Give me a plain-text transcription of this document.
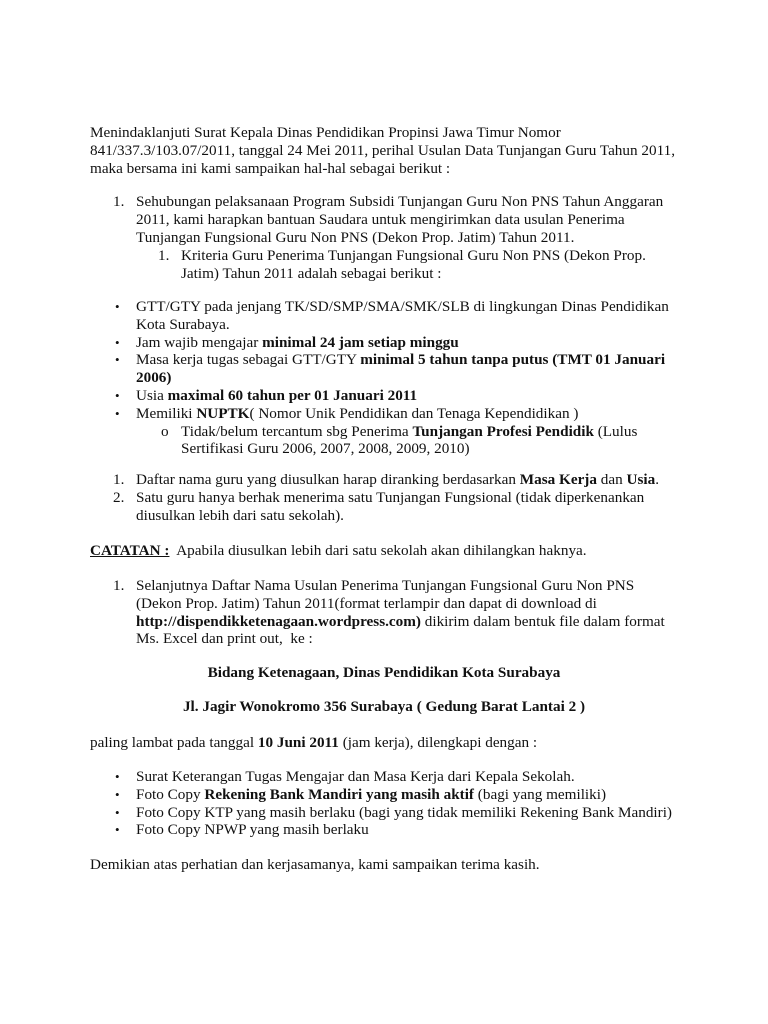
Menindaklanjuti Surat Kepala Dinas Pendidikan Propinsi Jawa Timur Nomor
841/337.3/103.07/2011, tanggal 24 Mei 2011, perihal Usulan Data Tunjangan Guru Tahun 2011,
maka bersama ini kami sampaikan hal-hal sebagai berikut :

1. Sehubungan pelaksanaan Program Subsidi Tunjangan Guru Non PNS Tahun Anggaran
2011, kami harapkan bantuan Saudara untuk mengirimkan data usulan Penerima
Tunjangan Fungsional Guru Non PNS (Dekon Prop. Jatim) Tahun 2011.
1. Kriteria Guru Penerima Tunjangan Fungsional Guru Non PNS (Dekon Prop.
Jatim) Tahun 2011 adalah sebagai berikut :
• GTT/GTY pada jenjang TK/SD/SMP/SMA/SMK/SLB di lingkungan Dinas Pendidikan
Kota Surabaya.
• Jam wajib mengajar minimal 24 jam setiap minggu
• Masa kerja tugas sebagai GTT/GTY minimal 5 tahun tanpa putus (TMT 01 Januari
2006)
• Usia maximal 60 tahun per 01 Januari 2011
• Memiliki NUPTK( Nomor Unik Pendidikan dan Tenaga Kependidikan )
o Tidak/belum tercantum sbg Penerima Tunjangan Profesi Pendidik (Lulus
Sertifikasi Guru 2006, 2007, 2008, 2009, 2010)
1. Daftar nama guru yang diusulkan harap diranking berdasarkan Masa Kerja dan Usia.
2. Satu guru hanya berhak menerima satu Tunjangan Fungsional (tidak diperkenankan
diusulkan lebih dari satu sekolah).

CATATAN :  Apabila diusulkan lebih dari satu sekolah akan dihilangkan haknya.

1. Selanjutnya Daftar Nama Usulan Penerima Tunjangan Fungsional Guru Non PNS
(Dekon Prop. Jatim) Tahun 2011(format terlampir dan dapat di download di
http://dispendikketenagaan.wordpress.com) dikirim dalam bentuk file dalam format
Ms. Excel dan print out,  ke :
Bidang Ketenagaan, Dinas Pendidikan Kota Surabaya
Jl. Jagir Wonokromo 356 Surabaya ( Gedung Barat Lantai 2 )

paling lambat pada tanggal 10 Juni 2011 (jam kerja), dilengkapi dengan :

• Surat Keterangan Tugas Mengajar dan Masa Kerja dari Kepala Sekolah.
• Foto Copy Rekening Bank Mandiri yang masih aktif (bagi yang memiliki)
• Foto Copy KTP yang masih berlaku (bagi yang tidak memiliki Rekening Bank Mandiri)
• Foto Copy NPWP yang masih berlaku

Demikian atas perhatian dan kerjasamanya, kami sampaikan terima kasih.
